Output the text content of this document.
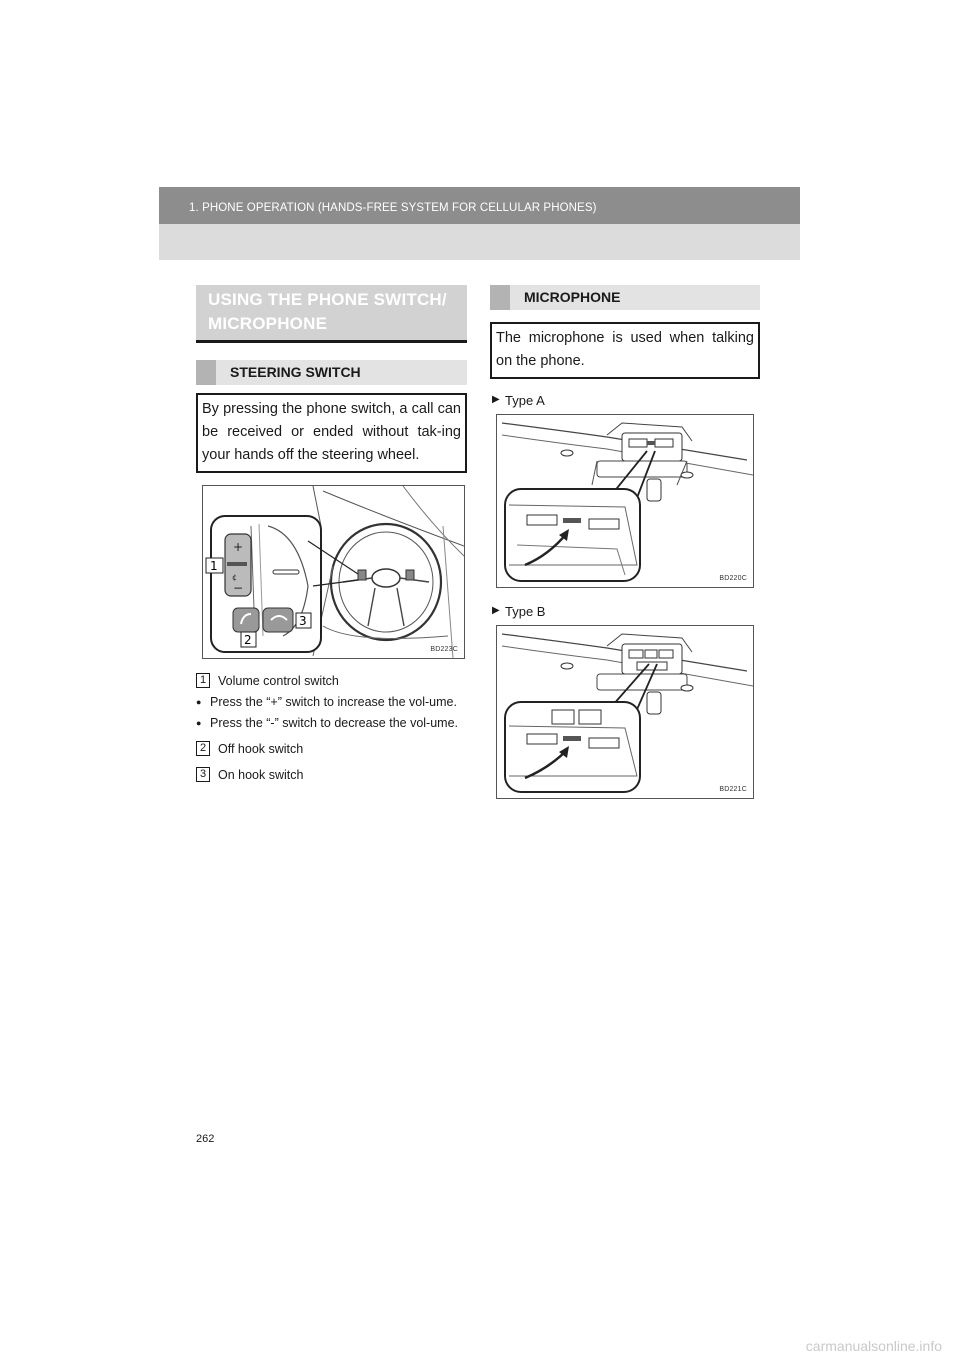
1. PHONE OPERATION (HANDS-FREE SYSTEM FOR CELLULAR PHONES)
USING THE PHONE SWITCH/ MICROPHONE
STEERING SWITCH
By pressing the phone switch, a call can be received or ended without tak-ing your hands off the steering wheel.
+
¢
−
1
3
2
BD223C
1 Volume control switch
● Press the “+” switch to increase the vol-ume.
● Press the “-” switch to decrease the vol-ume.
2 Off hook switch
3 On hook switch
MICROPHONE
The microphone is used when talking on the phone.
▶ Type A
BD220C
▶ Type B
BD221C
262
carmanualsonline.info
